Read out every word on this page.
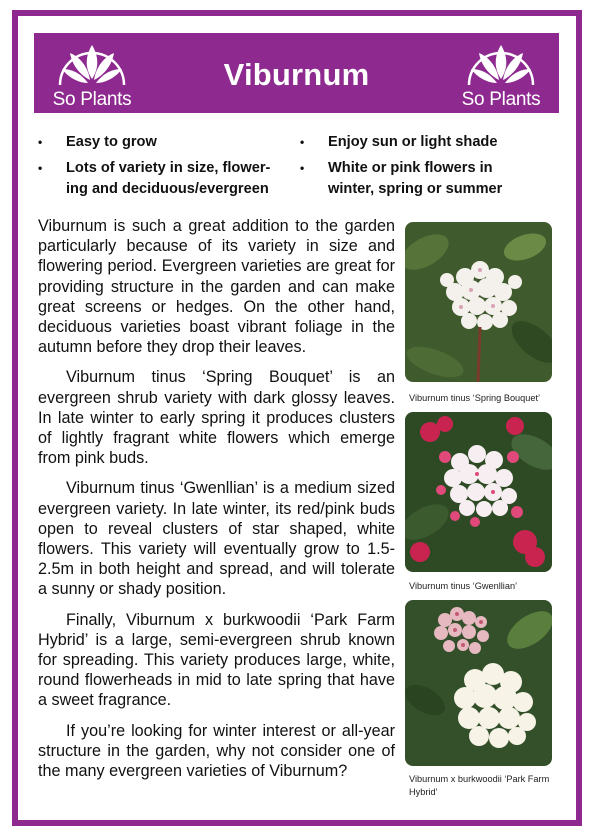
So Plants
Viburnum
So Plants
• Easy to grow	• Enjoy sun or light shade
• Lots of variety in size, flower-
ing and deciduous/evergreen
• White or pink flowers in
winter, spring or summer

Viburnum is such a great addition to the garden particularly because of its variety in size and flowering period. Evergreen varieties are great for providing structure in the garden and can make great screens or hedges. On the other hand, deciduous varieties boast vibrant foliage in the autumn before they drop their leaves.

Viburnum tinus ‘Spring Bouquet’ is an evergreen shrub variety with dark glossy leaves. In late winter to early spring it produces clusters of lightly fragrant white flowers which emerge from pink buds.

Viburnum tinus ‘Gwenllian’ is a medium sized evergreen variety. In late winter, its red/pink buds open to reveal clusters of star shaped, white flowers. This variety will eventually grow to 1.5-2.5m in both height and spread, and will tolerate a sunny or shady position.

Finally, Viburnum x burkwoodii ‘Park Farm Hybrid’ is a large, semi-evergreen shrub known for spreading. This variety produces large, white, round flowerheads in mid to late spring that have a sweet fragrance.

If you’re looking for winter interest or all-year structure in the garden, why not consider one of the many evergreen varieties of Viburnum?

Viburnum tinus ‘Spring Bouquet’
Viburnum tinus ‘Gwenllian’
Viburnum x burkwoodii ‘Park Farm Hybrid’
